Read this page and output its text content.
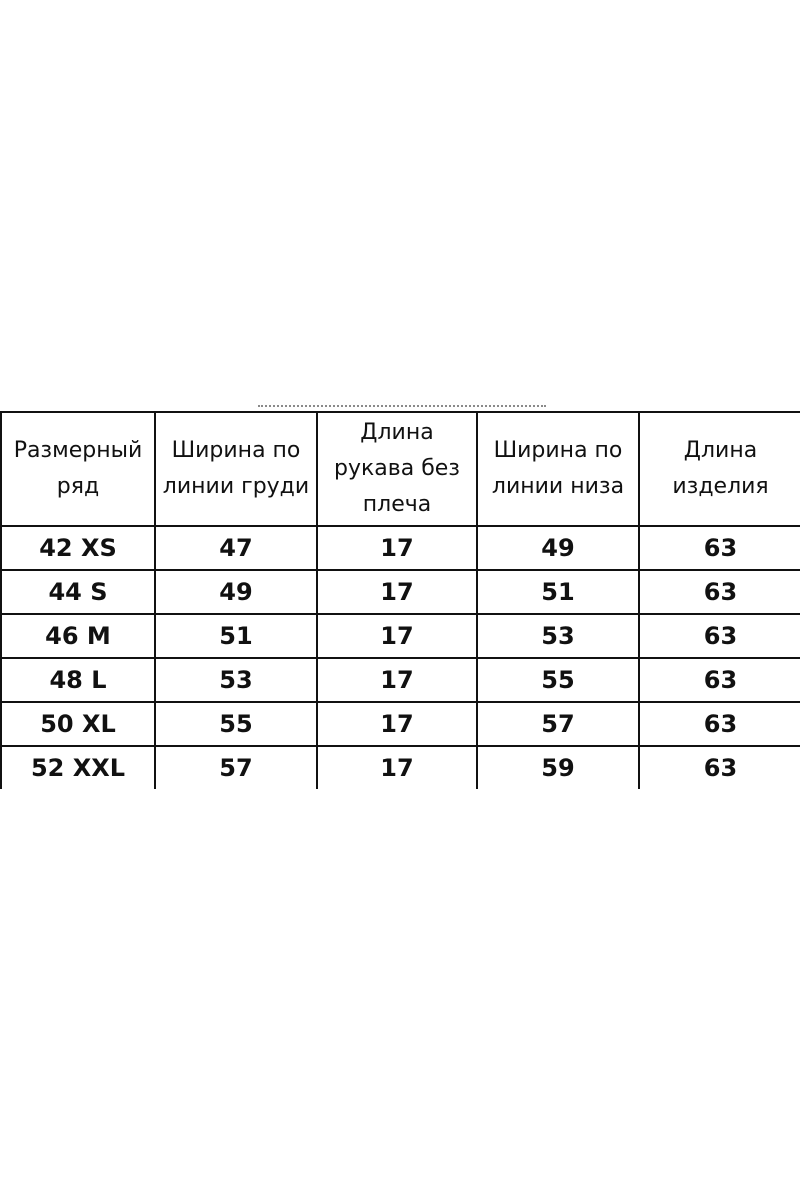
Размерный ряд	Ширина по линии груди	Длина рукава без плеча	Ширина по линии низа	Длина изделия
42 XS	47	17	49	63
44 S	49	17	51	63
46 M	51	17	53	63
48 L	53	17	55	63
50 XL	55	17	57	63
52 XXL	57	17	59	63
